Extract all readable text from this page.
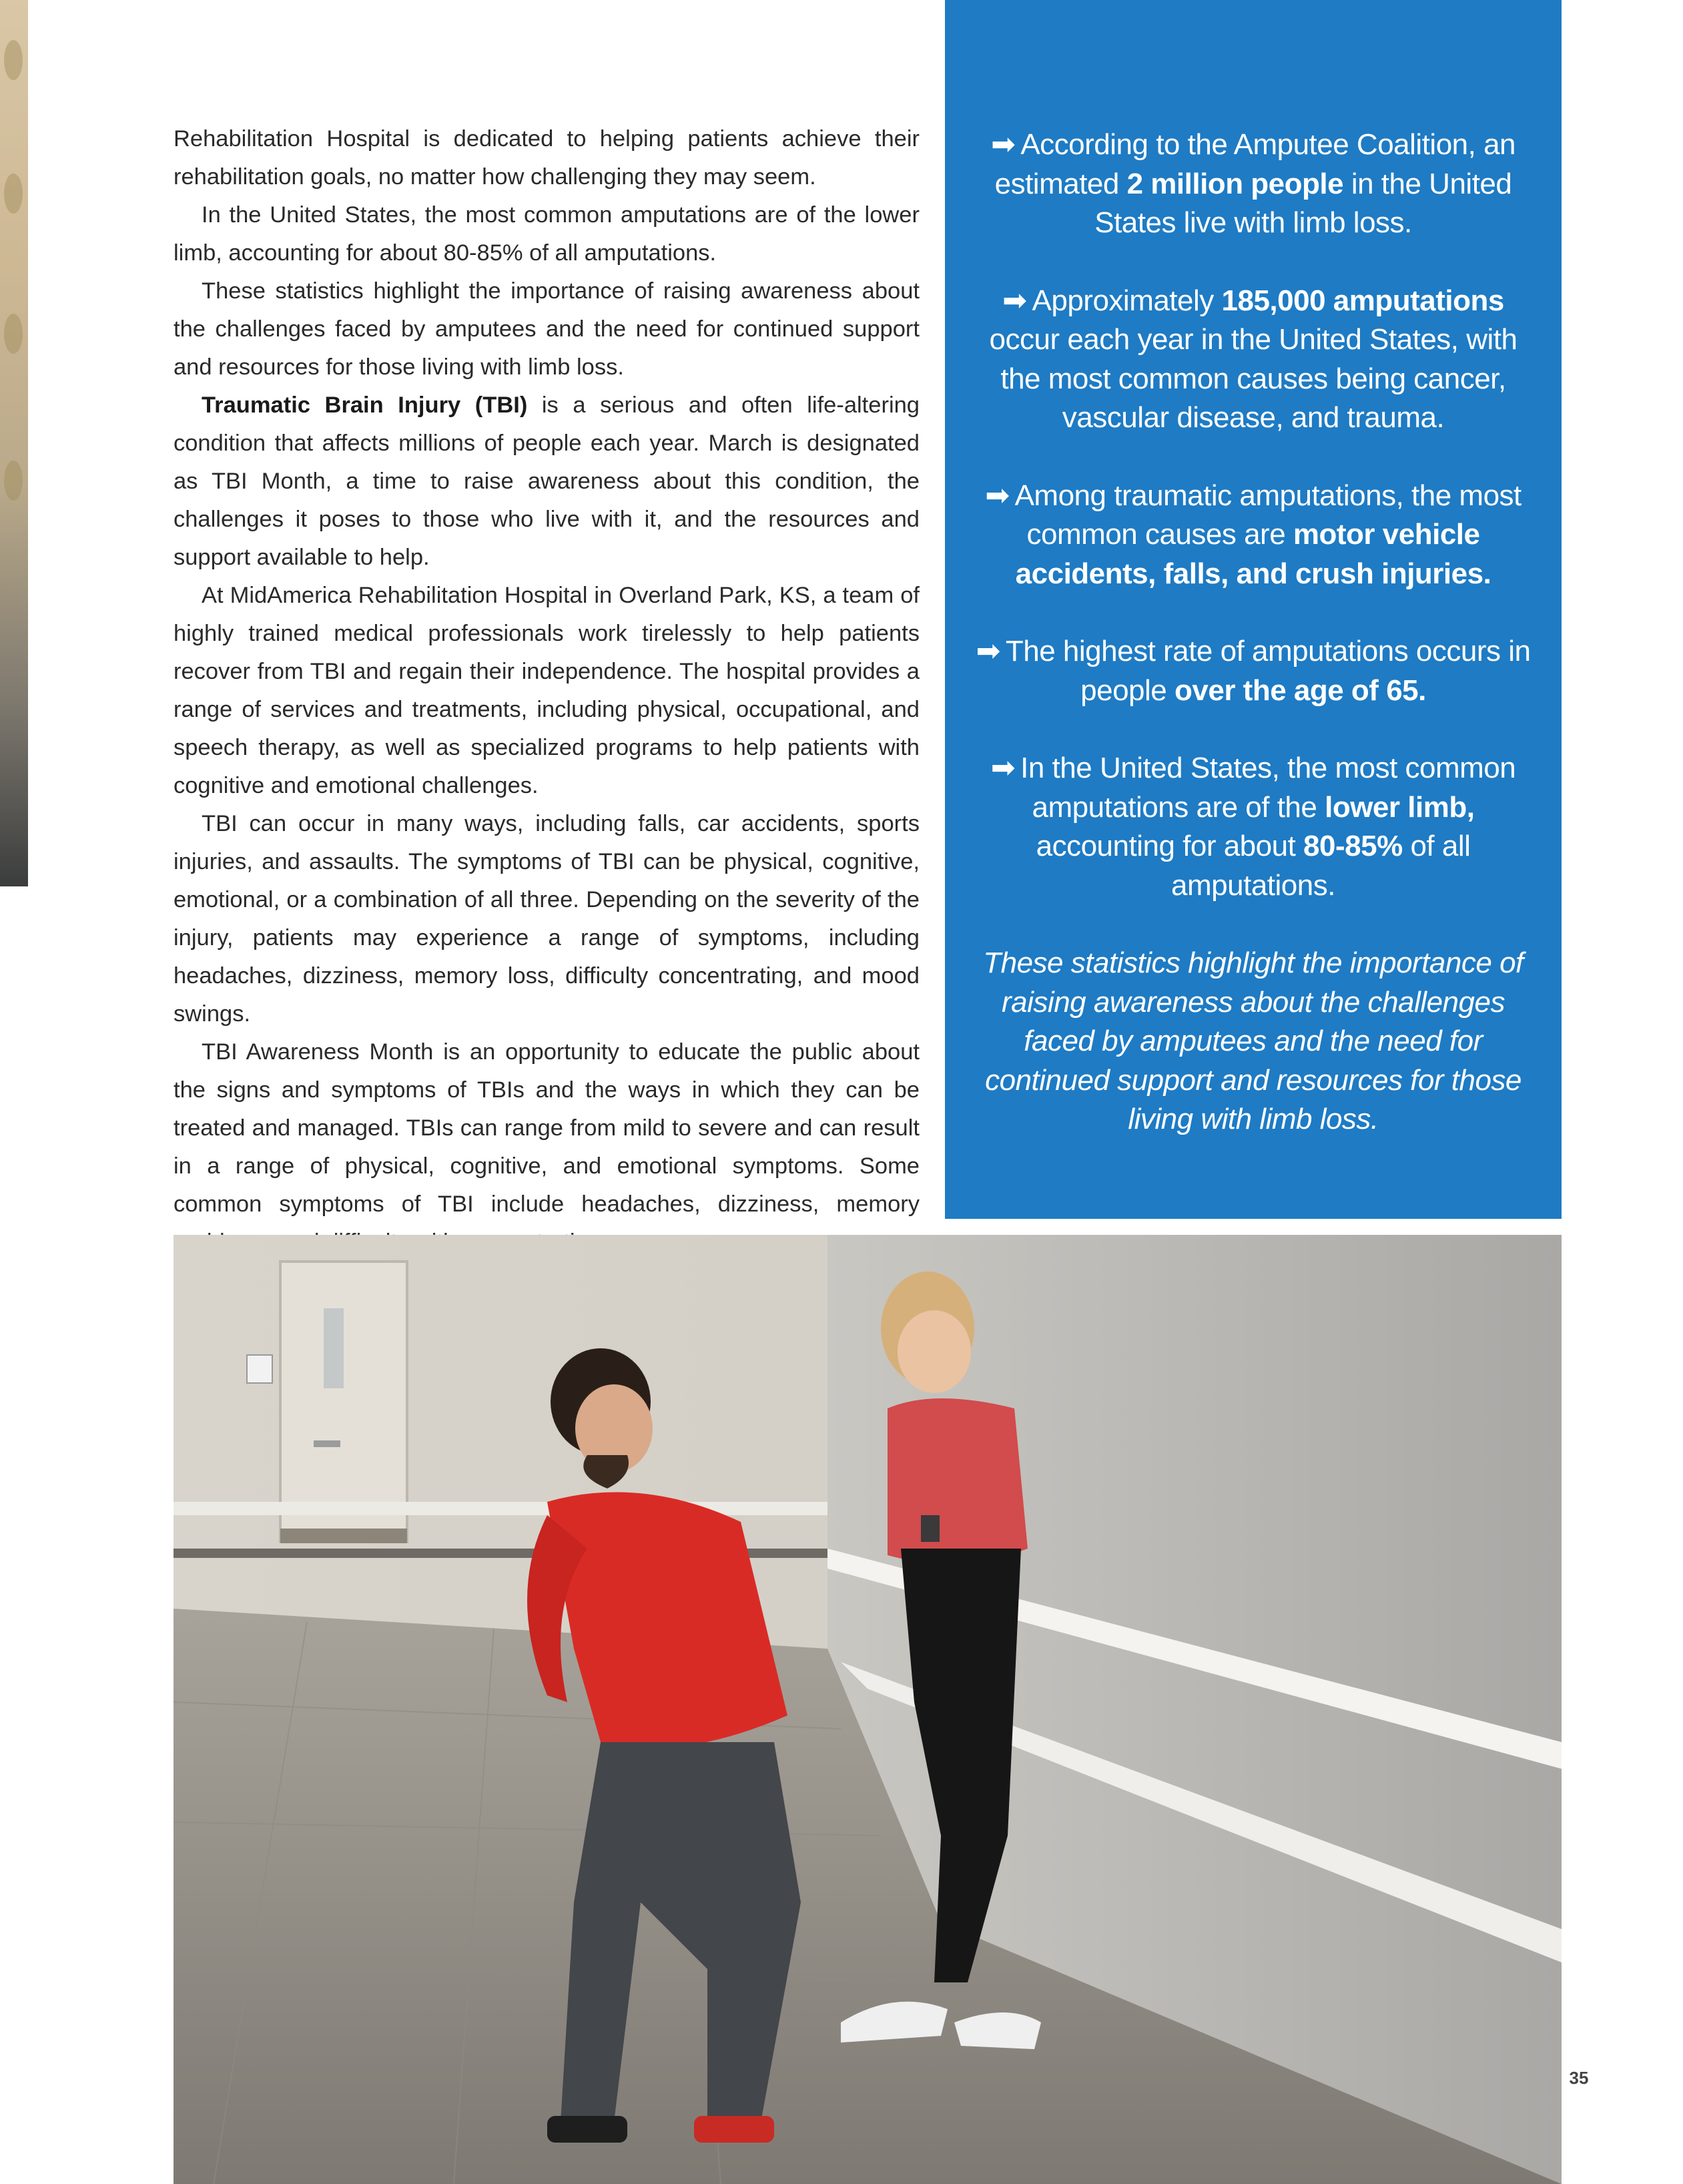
Rehabilitation Hospital is dedicated to helping patients achieve their rehabilitation goals, no matter how challenging they may seem.

In the United States, the most common amputations are of the lower limb, accounting for about 80-85% of all amputations.

These statistics highlight the importance of raising awareness about the challenges faced by amputees and the need for continued support and resources for those living with limb loss.

Traumatic Brain Injury (TBI) is a serious and often life-altering condition that affects millions of people each year. March is designated as TBI Month, a time to raise awareness about this condition, the challenges it poses to those who live with it, and the resources and support available to help.

At MidAmerica Rehabilitation Hospital in Overland Park, KS, a team of highly trained medical professionals work tirelessly to help patients recover from TBI and regain their independence. The hospital provides a range of services and treatments, including physical, occupational, and speech therapy, as well as specialized programs to help patients with cognitive and emotional challenges.

TBI can occur in many ways, including falls, car accidents, sports injuries, and assaults. The symptoms of TBI can be physical, cognitive, emotional, or a combination of all three. Depending on the severity of the injury, patients may experience a range of symptoms, including headaches, dizziness, memory loss, difficulty concentrating, and mood swings.

TBI Awareness Month is an opportunity to educate the public about the signs and symptoms of TBIs and the ways in which they can be treated and managed. TBIs can range from mild to severe and can result in a range of physical, cognitive, and emotional symptoms. Some common symptoms of TBI include headaches, dizziness, memory

➡ According to the Amputee Coalition, an estimated 2 million people in the United States live with limb loss.

➡ Approximately 185,000 amputations occur each year in the United States, with the most common causes being cancer, vascular disease, and trauma.

➡ Among traumatic amputations, the most common causes are motor vehicle accidents, falls, and crush injuries.

➡ The highest rate of amputations occurs in people over the age of 65.

➡ In the United States, the most common amputations are of the lower limb, accounting for about 80-85% of all amputations.

These statistics highlight the importance of raising awareness about the challenges faced by amputees and the need for continued support and resources for those living with limb loss.

35
